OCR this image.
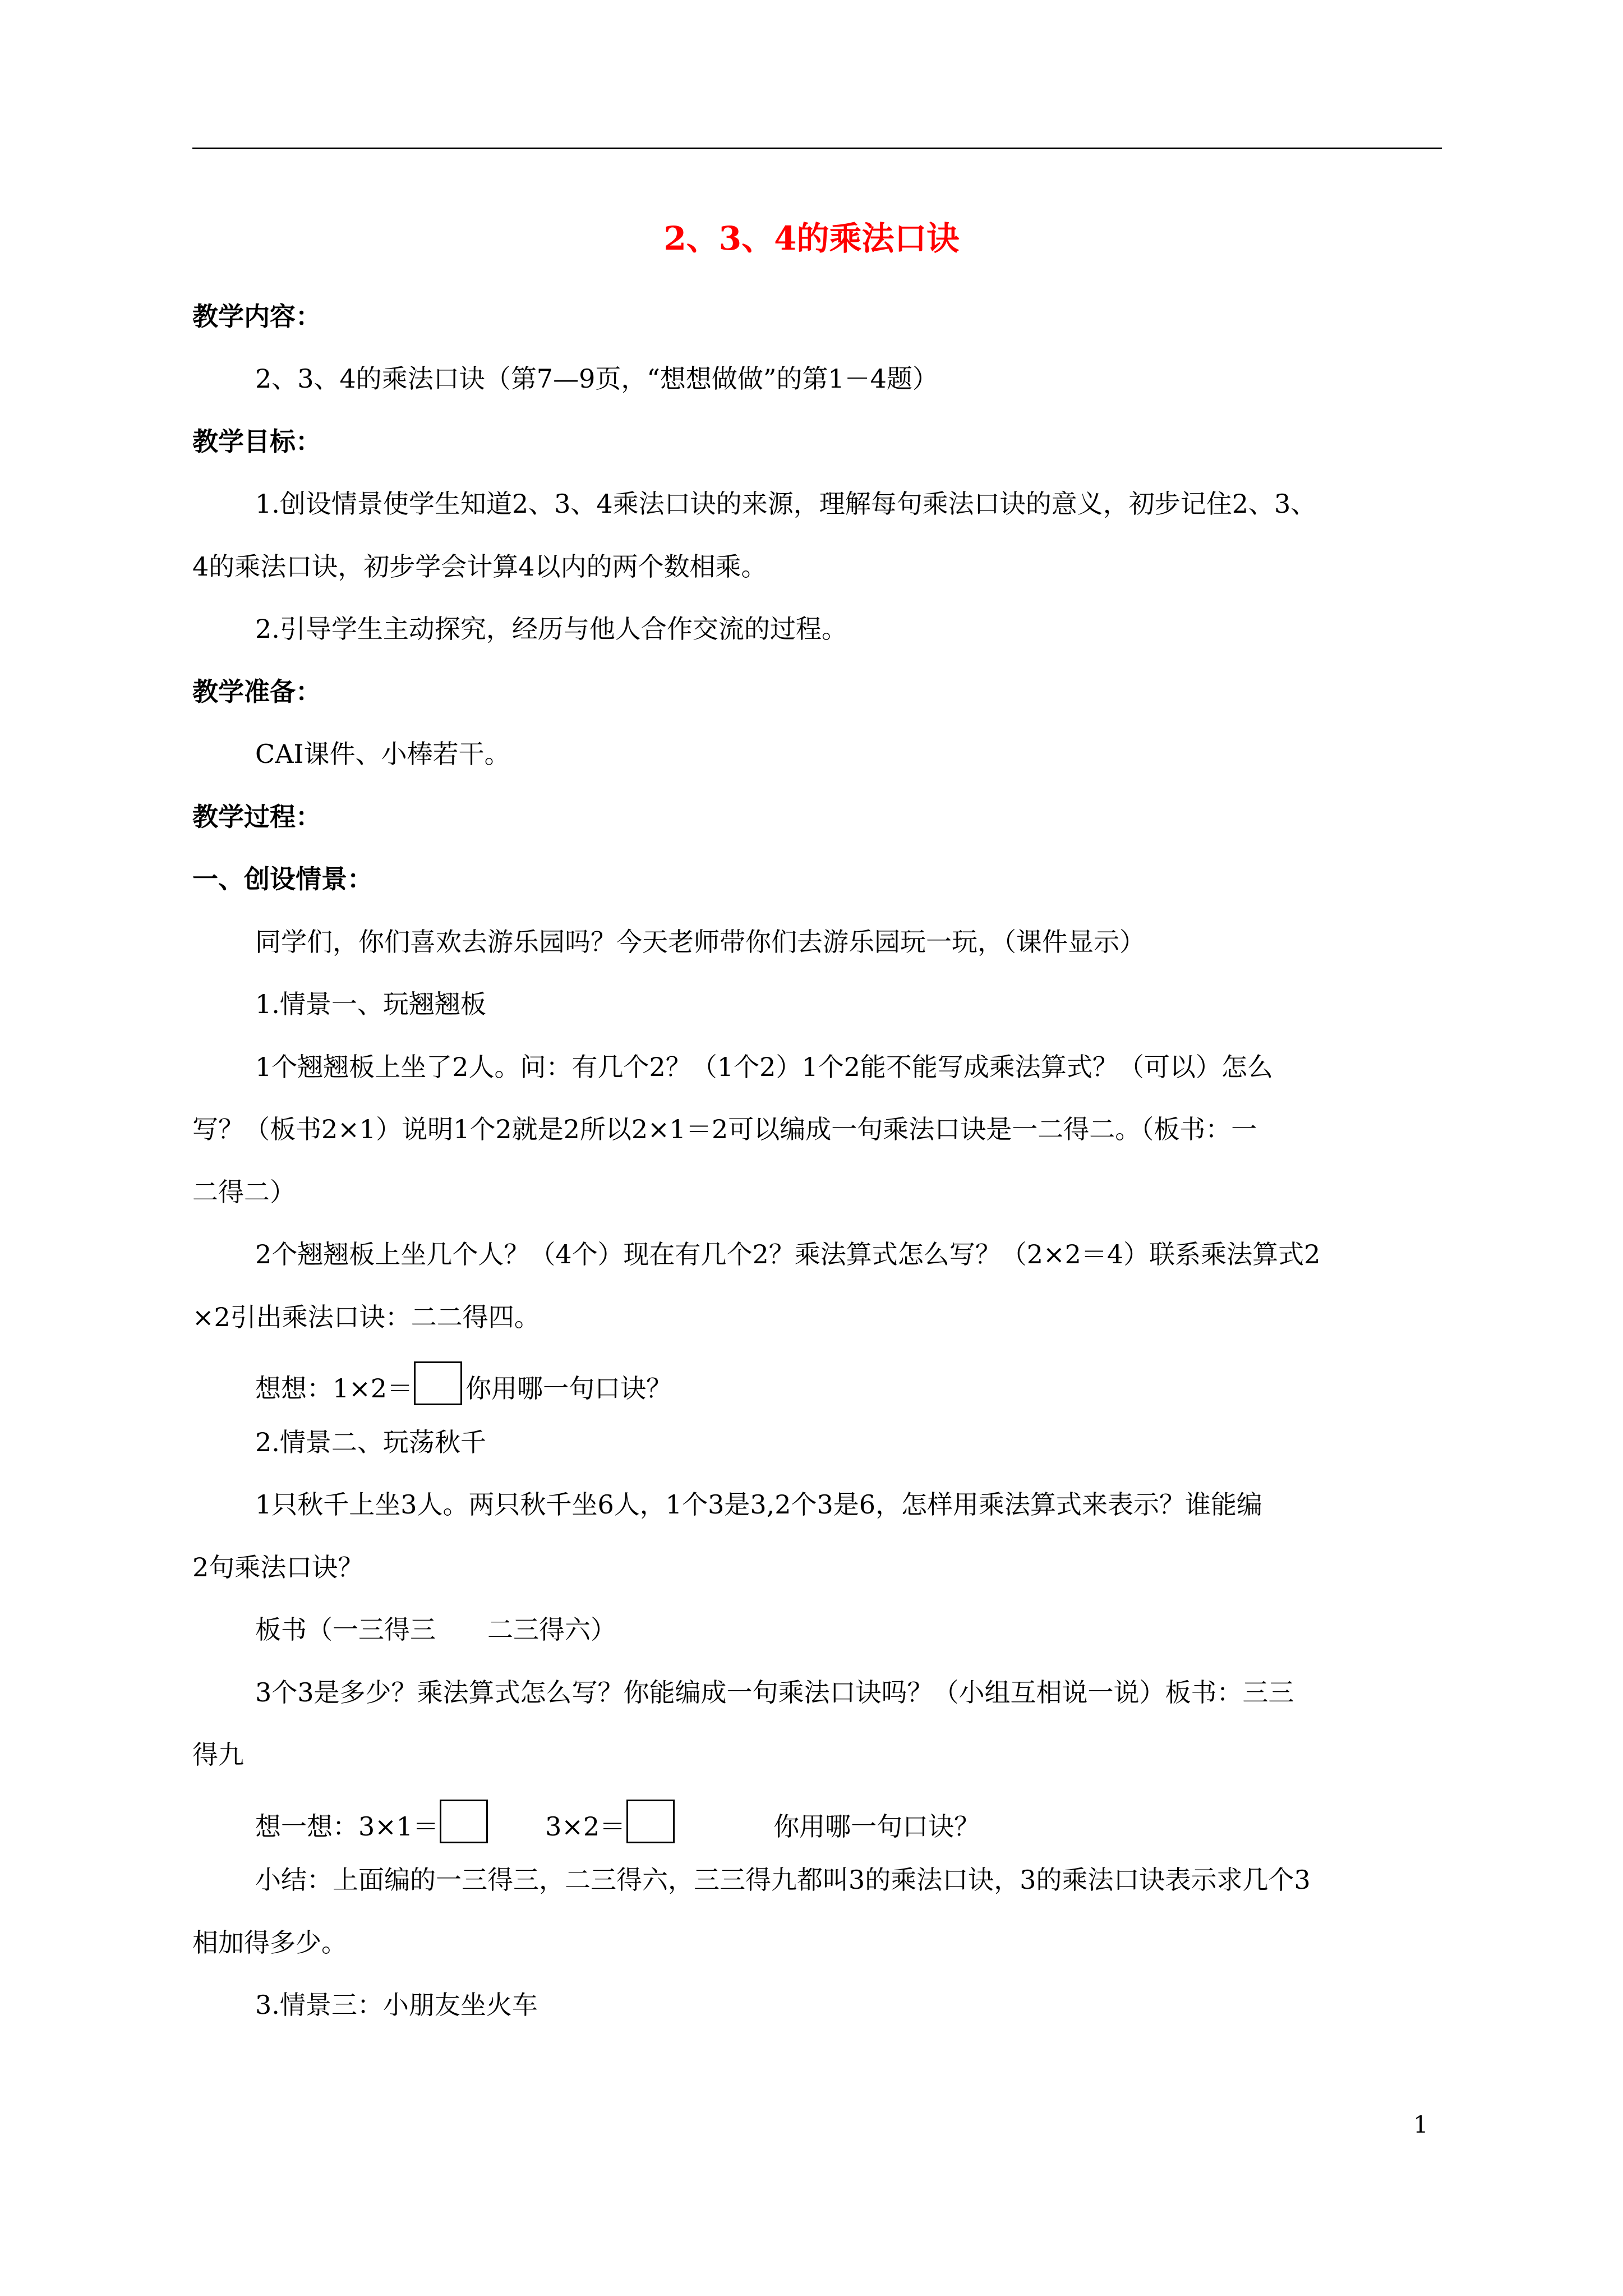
2、3、4的乘法口诀
教学内容：
2、3、4的乘法口诀（第7—9页，“想想做做”的第1－4题）
教学目标：
1.创设情景使学生知道2、3、4乘法口诀的来源，理解每句乘法口诀的意义，初步记住2、3、
4的乘法口诀，初步学会计算4以内的两个数相乘。
2.引导学生主动探究，经历与他人合作交流的过程。
教学准备：
CAI课件、小棒若干。
教学过程：
一、创设情景：
同学们，你们喜欢去游乐园吗？今天老师带你们去游乐园玩一玩，（课件显示）
1.情景一、玩翘翘板
1个翘翘板上坐了2人。问：有几个2？（1个2）1个2能不能写成乘法算式？（可以）怎么
写？（板书2×1）说明1个2就是2所以2×1＝2可以编成一句乘法口诀是一二得二。（板书：一
二得二）
2个翘翘板上坐几个人？（4个）现在有几个2？乘法算式怎么写？（2×2＝4）联系乘法算式2
×2引出乘法口诀：二二得四。
想想：1×2＝ 你用哪一句口诀？
2.情景二、玩荡秋千
1只秋千上坐3人。两只秋千坐6人，1个3是3,2个3是6，怎样用乘法算式来表示？谁能编
2句乘法口诀？
板书（一三得三　　二三得六）
3个3是多少？乘法算式怎么写？你能编成一句乘法口诀吗？（小组互相说一说）板书：三三
得九
想一想：3×1＝	3×2＝	你用哪一句口诀？
小结：上面编的一三得三，二三得六，三三得九都叫3的乘法口诀，3的乘法口诀表示求几个3
相加得多少。
3.情景三：小朋友坐火车
1
